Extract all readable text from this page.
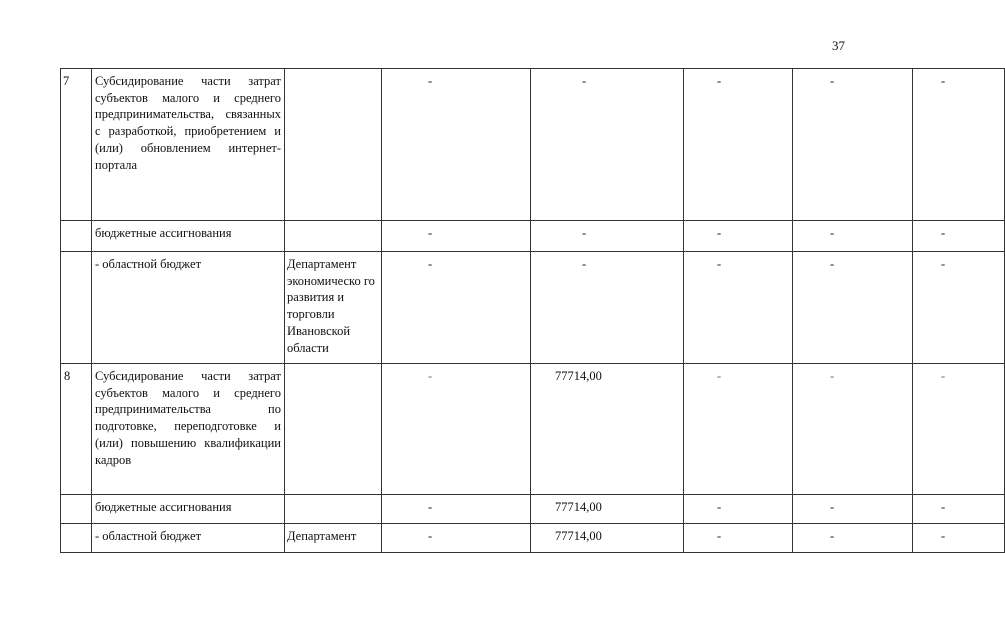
37
7	Субсидирование части затрат субъектов малого и среднего предпринимательства, связанных с разработкой, приобретением и (или) обновлением интернет-портала		-	-	-	-	-
	бюджетные ассигнования		-	-	-	-	-
	- областной бюджет	Департамент экономическо го развития и торговли Ивановской области	-	-	-	-	-
8	Субсидирование части затрат субъектов малого и среднего предпринимательства по подготовке, переподготовке и (или) повышению квалификации кадров		-	77714,00	-	-	-
	бюджетные ассигнования		-	77714,00	-	-	-
	- областной бюджет	Департамент	-	77714,00	-	-	-
